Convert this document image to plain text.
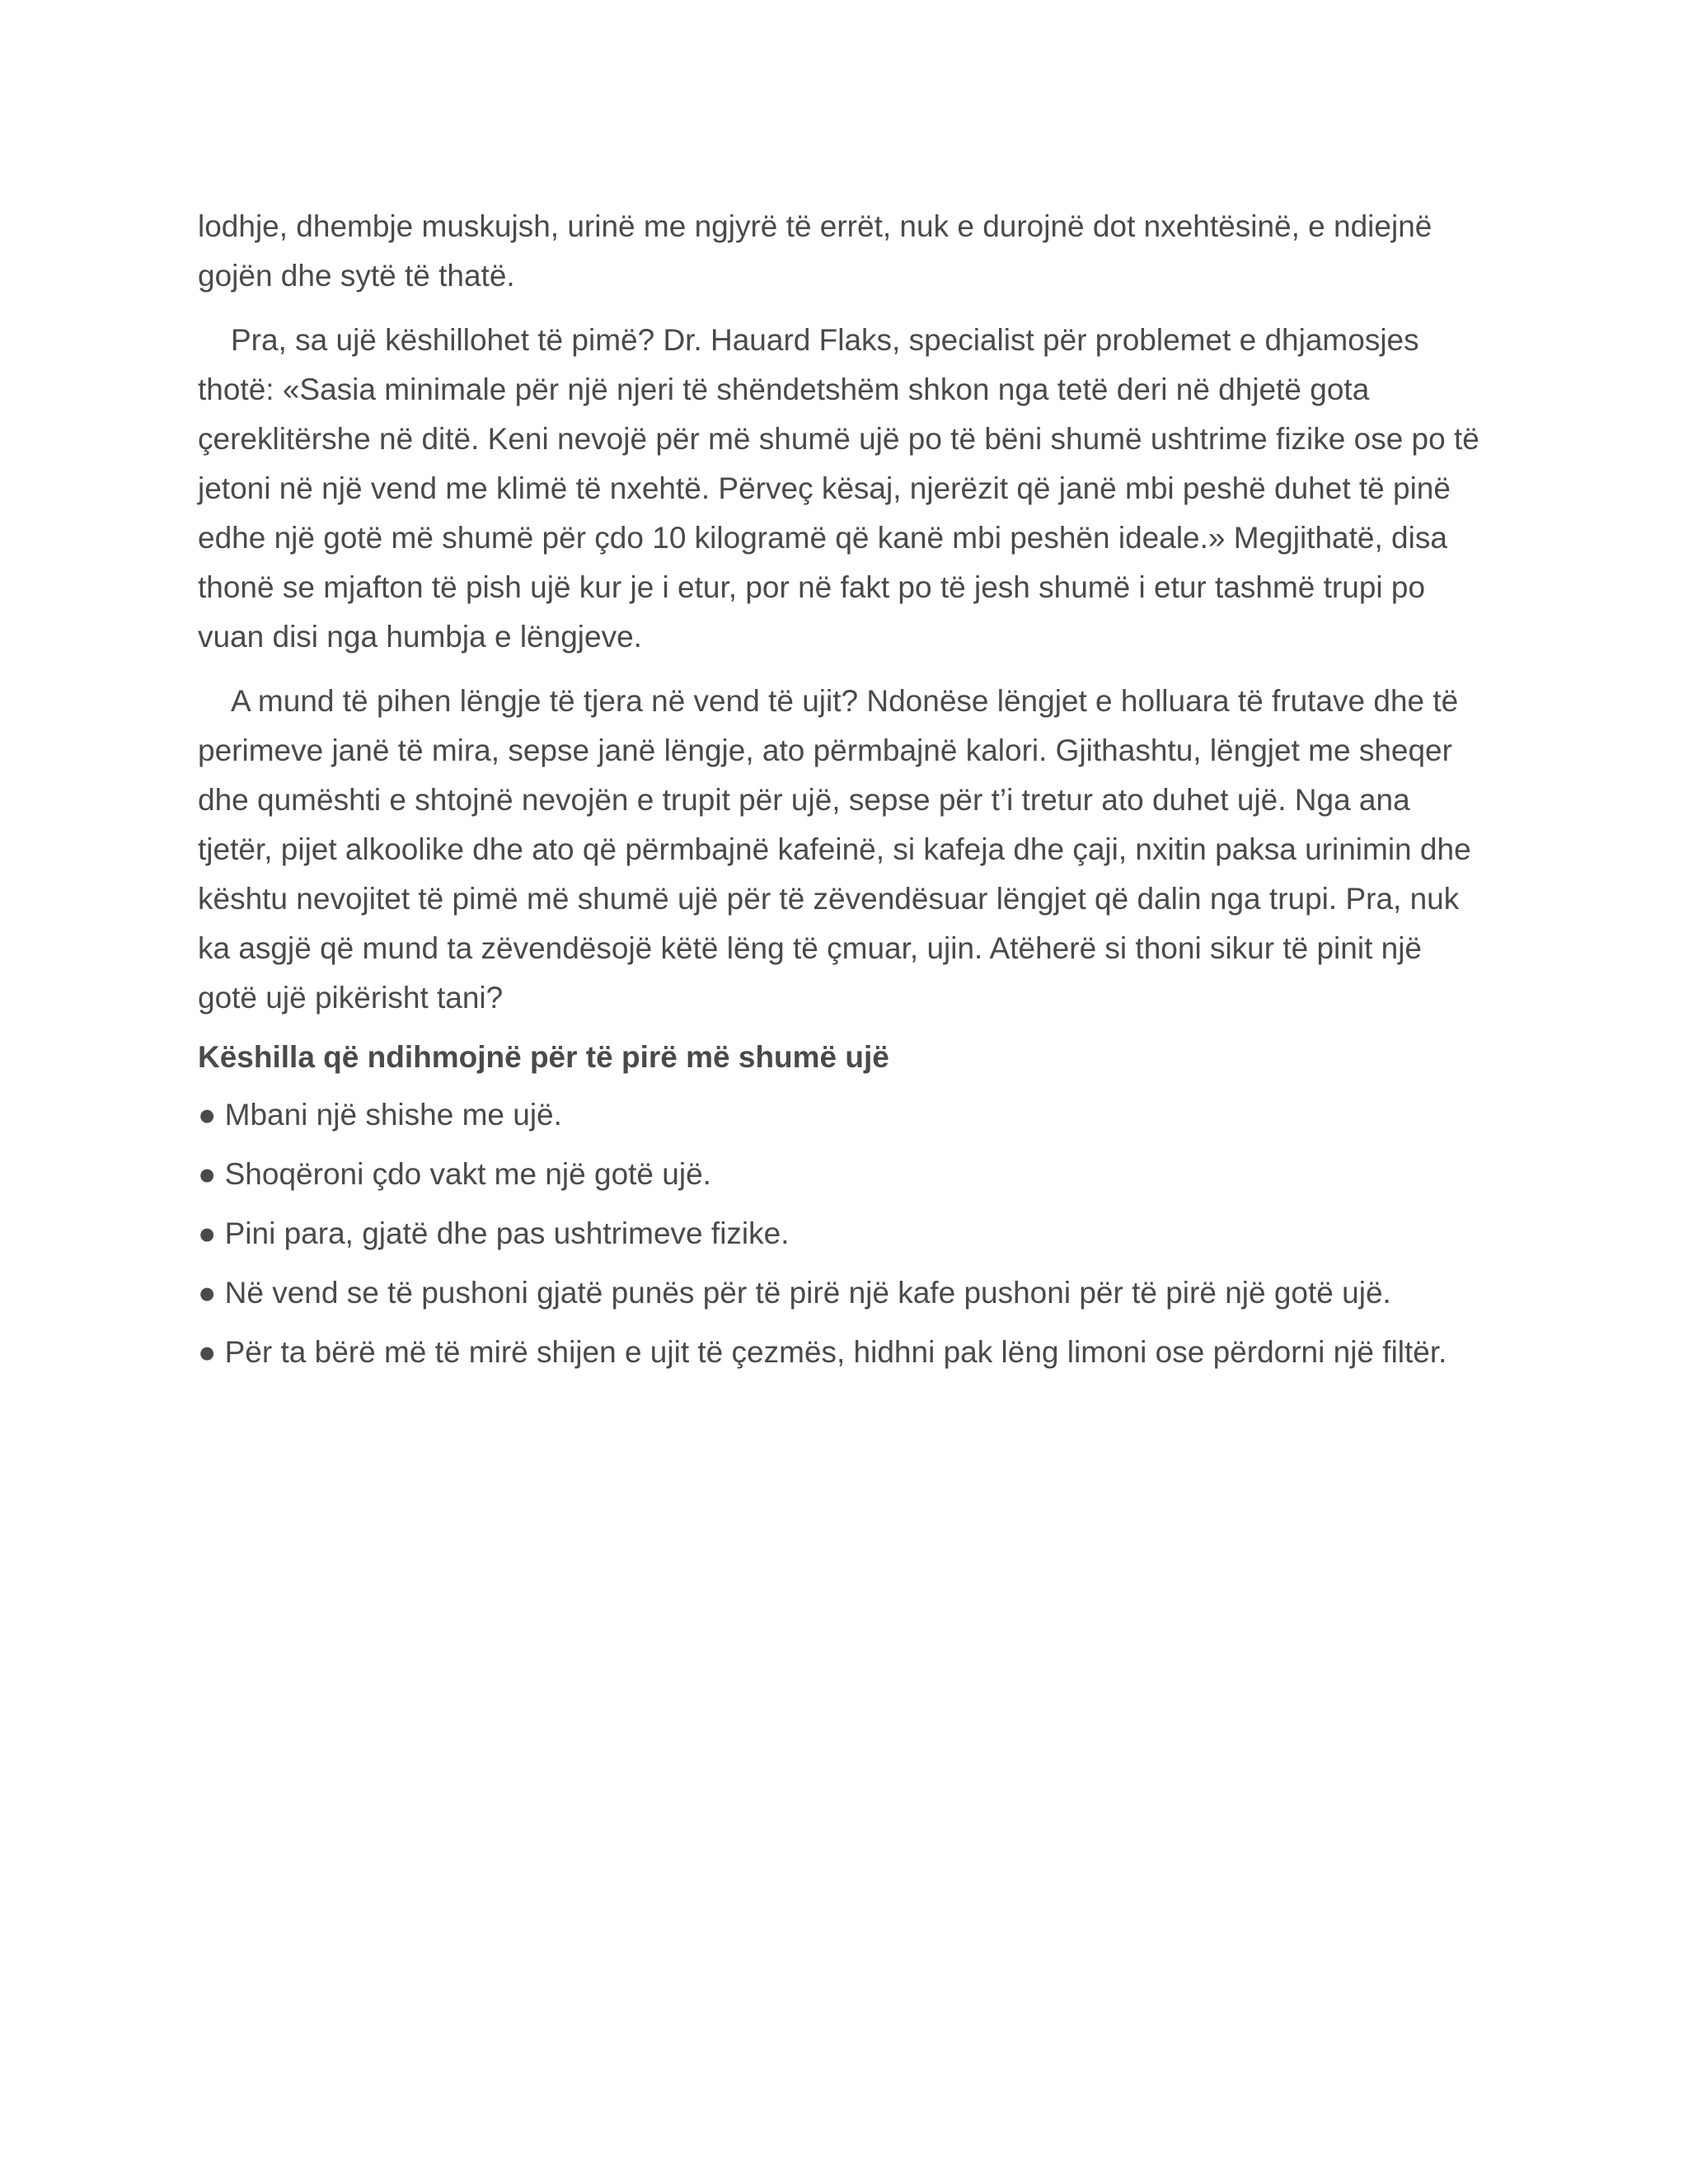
lodhje, dhembje muskujsh, urinë me ngjyrë të errët, nuk e durojnë dot nxehtësinë, e ndiejnë gojën dhe sytë të thatë.

Pra, sa ujë këshillohet të pimë? Dr. Hauard Flaks, specialist për problemet e dhjamosjes thotë: «Sasia minimale për një njeri të shëndetshëm shkon nga tetë deri në dhjetë gota çereklitërshe në ditë. Keni nevojë për më shumë ujë po të bëni shumë ushtrime fizike ose po të jetoni në një vend me klimë të nxehtë. Përveç kësaj, njerëzit që janë mbi peshë duhet të pinë edhe një gotë më shumë për çdo 10 kilogramë që kanë mbi peshën ideale.» Megjithatë, disa thonë se mjafton të pish ujë kur je i etur, por në fakt po të jesh shumë i etur tashmë trupi po vuan disi nga humbja e lëngjeve.

A mund të pihen lëngje të tjera në vend të ujit? Ndonëse lëngjet e holluara të frutave dhe të perimeve janë të mira, sepse janë lëngje, ato përmbajnë kalori. Gjithashtu, lëngjet me sheqer dhe qumështi e shtojnë nevojën e trupit për ujë, sepse për t’i tretur ato duhet ujë. Nga ana tjetër, pijet alkoolike dhe ato që përmbajnë kafeinë, si kafeja dhe çaji, nxitin paksa urinimin dhe kështu nevojitet të pimë më shumë ujë për të zëvendësuar lëngjet që dalin nga trupi. Pra, nuk ka asgjë që mund ta zëvendësojë këtë lëng të çmuar, ujin. Atëherë si thoni sikur të pinit një gotë ujë pikërisht tani?

Këshilla që ndihmojnë për të pirë më shumë ujë
● Mbani një shishe me ujë.
● Shoqëroni çdo vakt me një gotë ujë.
● Pini para, gjatë dhe pas ushtrimeve fizike.
● Në vend se të pushoni gjatë punës për të pirë një kafe pushoni për të pirë një gotë ujë.
● Për ta bërë më të mirë shijen e ujit të çezmës, hidhni pak lëng limoni ose përdorni një filtër.
